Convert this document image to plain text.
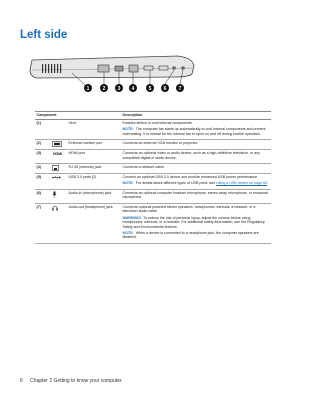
Left side
1	2 3 4	5 6 7
Component			Description
(1)		Vent	Enables airflow to cool internal components.
NOTE: The computer fan starts up automatically to cool internal components and prevent overheating. It is normal for the internal fan to cycle on and off during routine operation.

(2)		External monitor port	Connects an external VGA monitor or projector.

(3)	HDMI	HDMI port	Connects an optional video or audio device, such as a high-definition television, or any compatible digital or audio device.

(4)		RJ-45 (network) jack	Connects a network cable.

(5)		USB 3.0 ports (2)	Connect an optional USB 3.0 device and provide enhanced USB power performance.
NOTE: For details about different types of USB ports, see Using a USB device on page 60.

(6)		Audio-in (microphone) jack	Connects an optional computer headset microphone, stereo array microphone, or monaural microphone.

(7)		Audio-out (headphone) jack	Connects optional powered stereo speakers, headphones, earbuds, a headset, or a television audio cable.
WARNING! To reduce the risk of personal injury, adjust the volume before using headphones, earbuds, or a headset. For additional safety information, see the Regulatory, Safety and Environmental Notices.
NOTE: When a device is connected to a headphone jack, the computer speakers are disabled.
6 Chapter 2 Getting to know your computer
